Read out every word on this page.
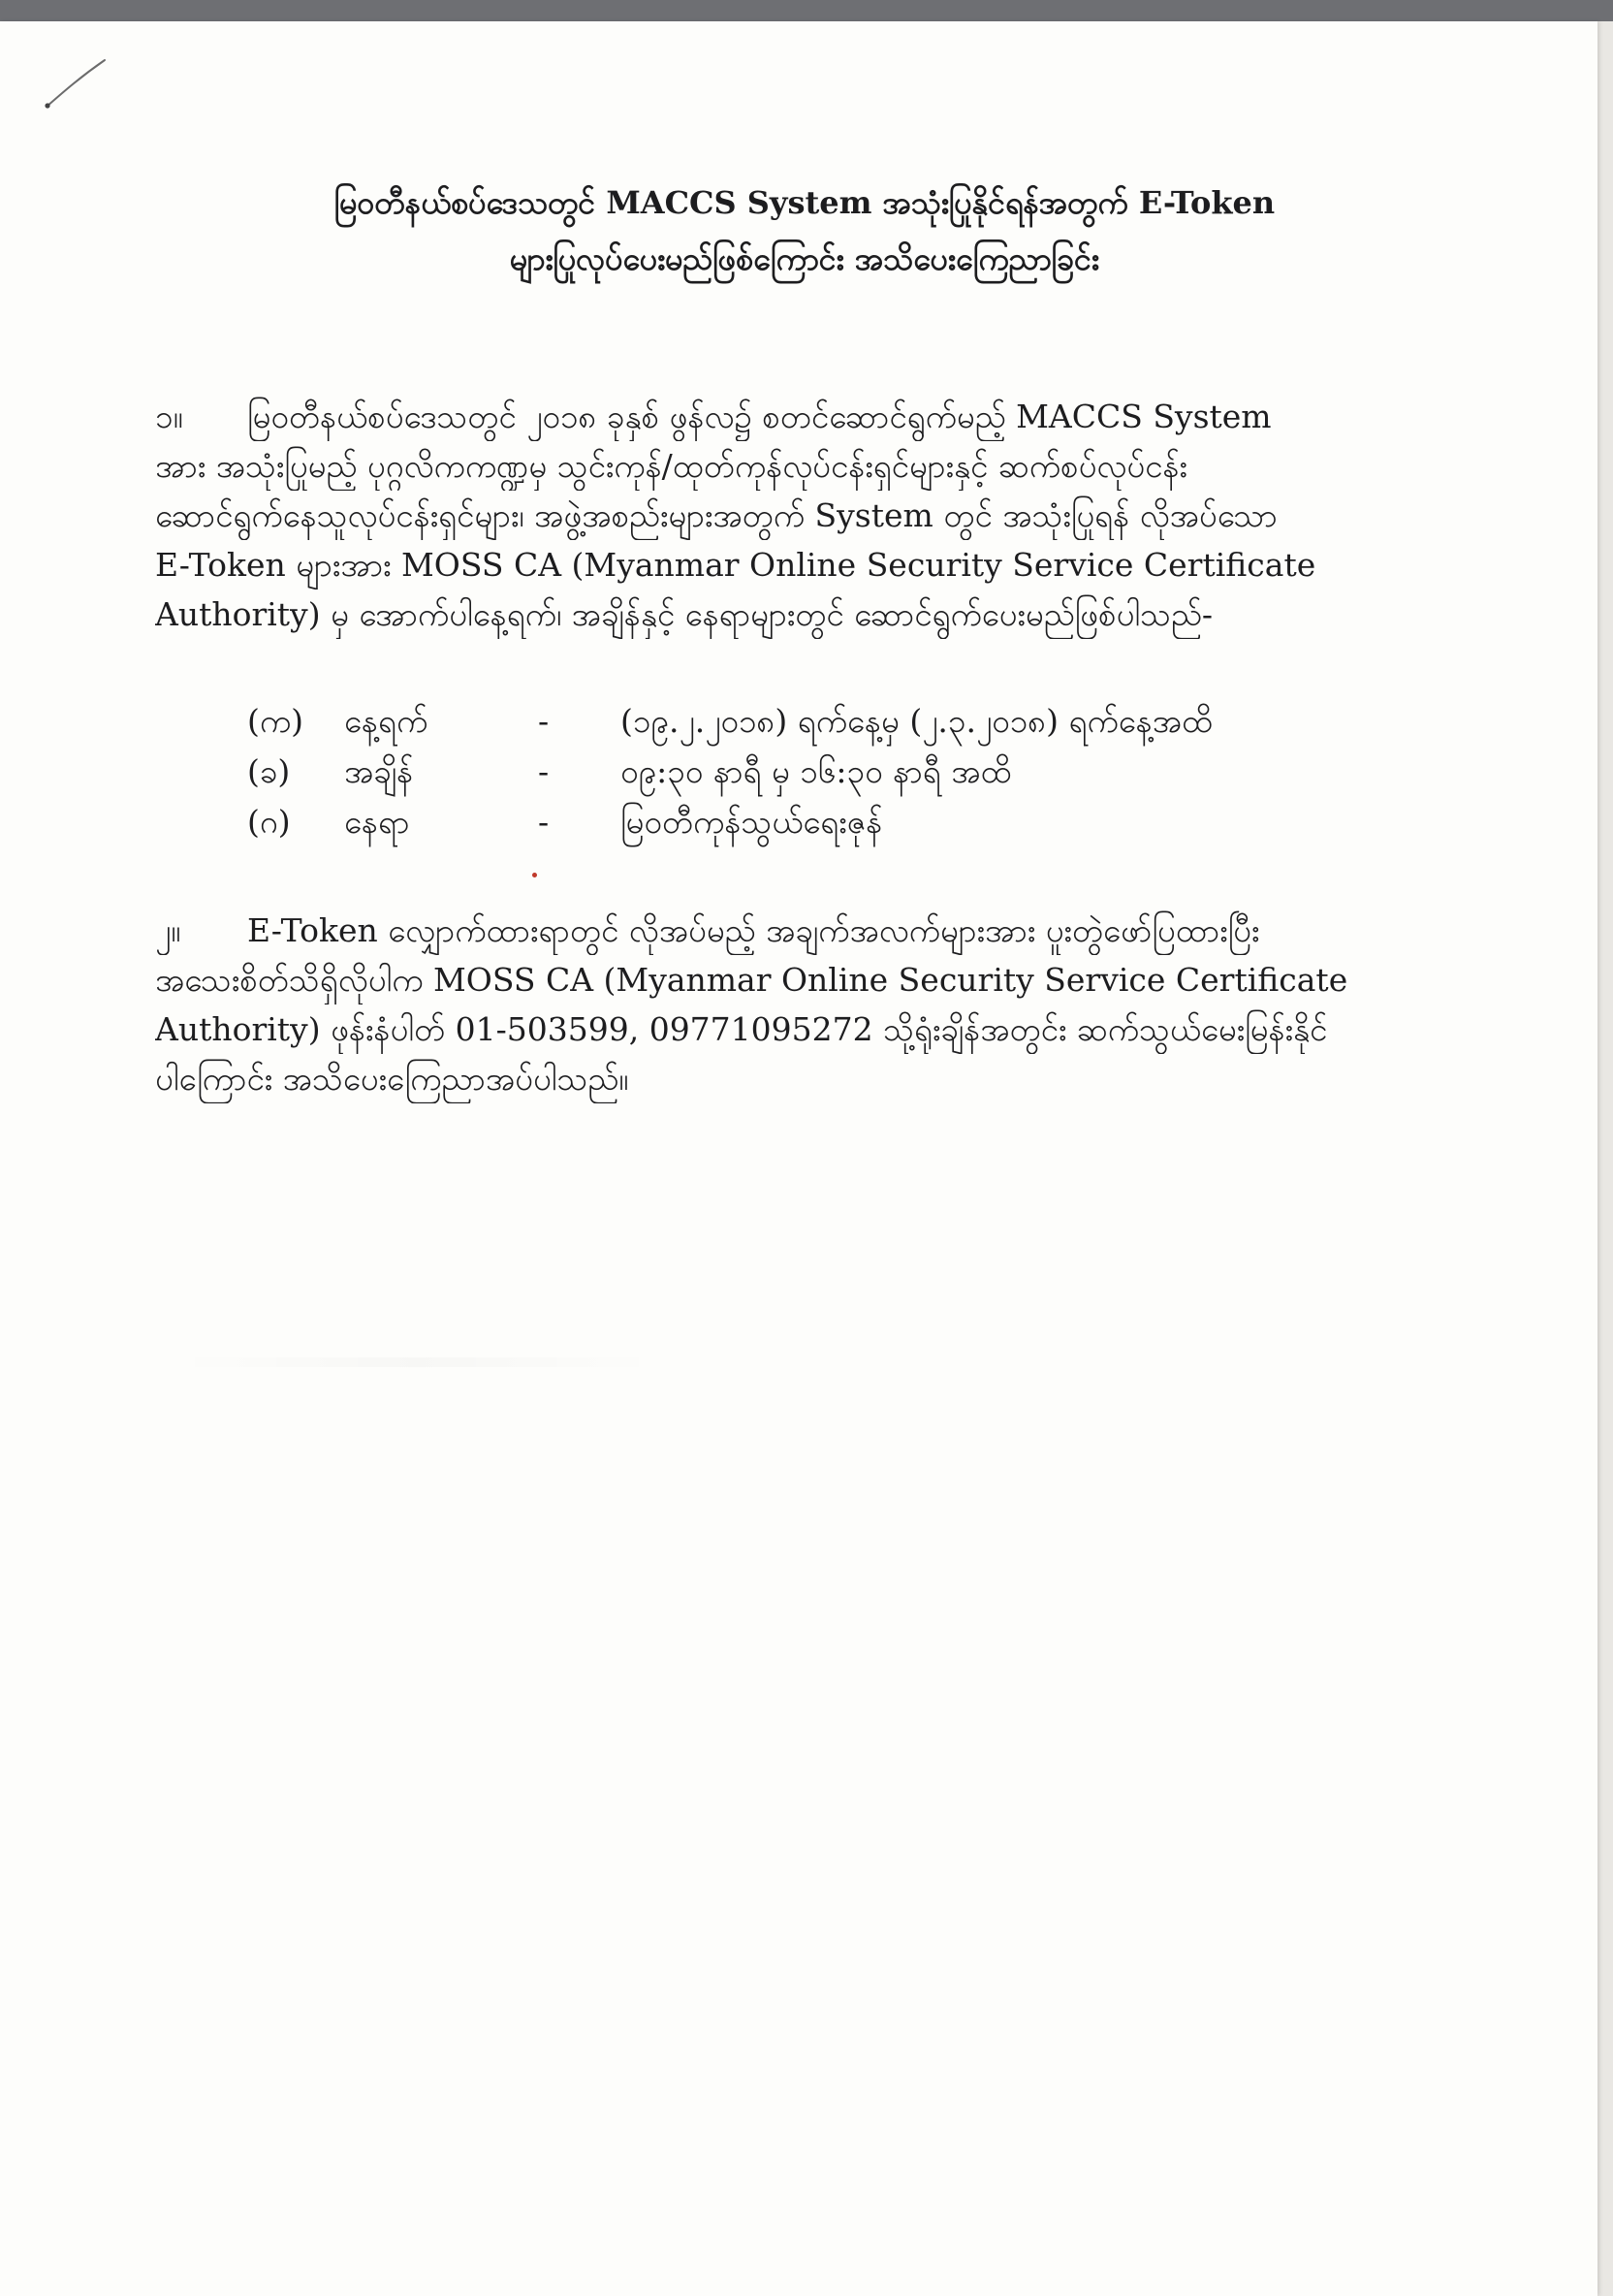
မြဝတီနယ်စပ်ဒေသတွင် MACCS System အသုံးပြုနိုင်ရန်အတွက် E-Token
များပြုလုပ်ပေးမည်ဖြစ်ကြောင်း အသိပေးကြေညာခြင်း
၁။ မြဝတီနယ်စပ်ဒေသတွင် ၂၀၁၈ ခုနှစ် ဖွန်လ၌ စတင်ဆောင်ရွက်မည့် MACCS System
အား အသုံးပြုမည့် ပုဂ္ဂလိကကဏ္ဍမှ သွင်းကုန်/ထုတ်ကုန်လုပ်ငန်းရှင်များနှင့် ဆက်စပ်လုပ်ငန်း
ဆောင်ရွက်နေသူလုပ်ငန်းရှင်များ၊ အဖွဲ့အစည်းများအတွက် System တွင် အသုံးပြုရန် လိုအပ်သော
E-Token များအား MOSS CA (Myanmar Online Security Service Certificate
Authority) မှ အောက်ပါနေ့ရက်၊ အချိန်နှင့် နေရာများတွင် ဆောင်ရွက်ပေးမည်ဖြစ်ပါသည်-
(က)	နေ့ရက်	-	(၁၉.၂.၂၀၁၈) ရက်နေ့မှ (၂.၃.၂၀၁၈) ရက်နေ့အထိ
(ခ)	အချိန်	-	၀၉:၃၀ နာရီ မှ ၁၆:၃၀ နာရီ အထိ
(ဂ)	နေရာ	-	မြဝတီကုန်သွယ်ရေးဇုန်
၂။ E-Token လျှောက်ထားရာတွင် လိုအပ်မည့် အချက်အလက်များအား ပူးတွဲဖော်ပြထားပြီး
အသေးစိတ်သိရှိလိုပါက MOSS CA (Myanmar Online Security Service Certificate
Authority) ဖုန်းနံပါတ် 01-503599, 09771095272 သို့ရုံးချိန်အတွင်း ဆက်သွယ်မေးမြန်းနိုင်
ပါကြောင်း အသိပေးကြေညာအပ်ပါသည်။
